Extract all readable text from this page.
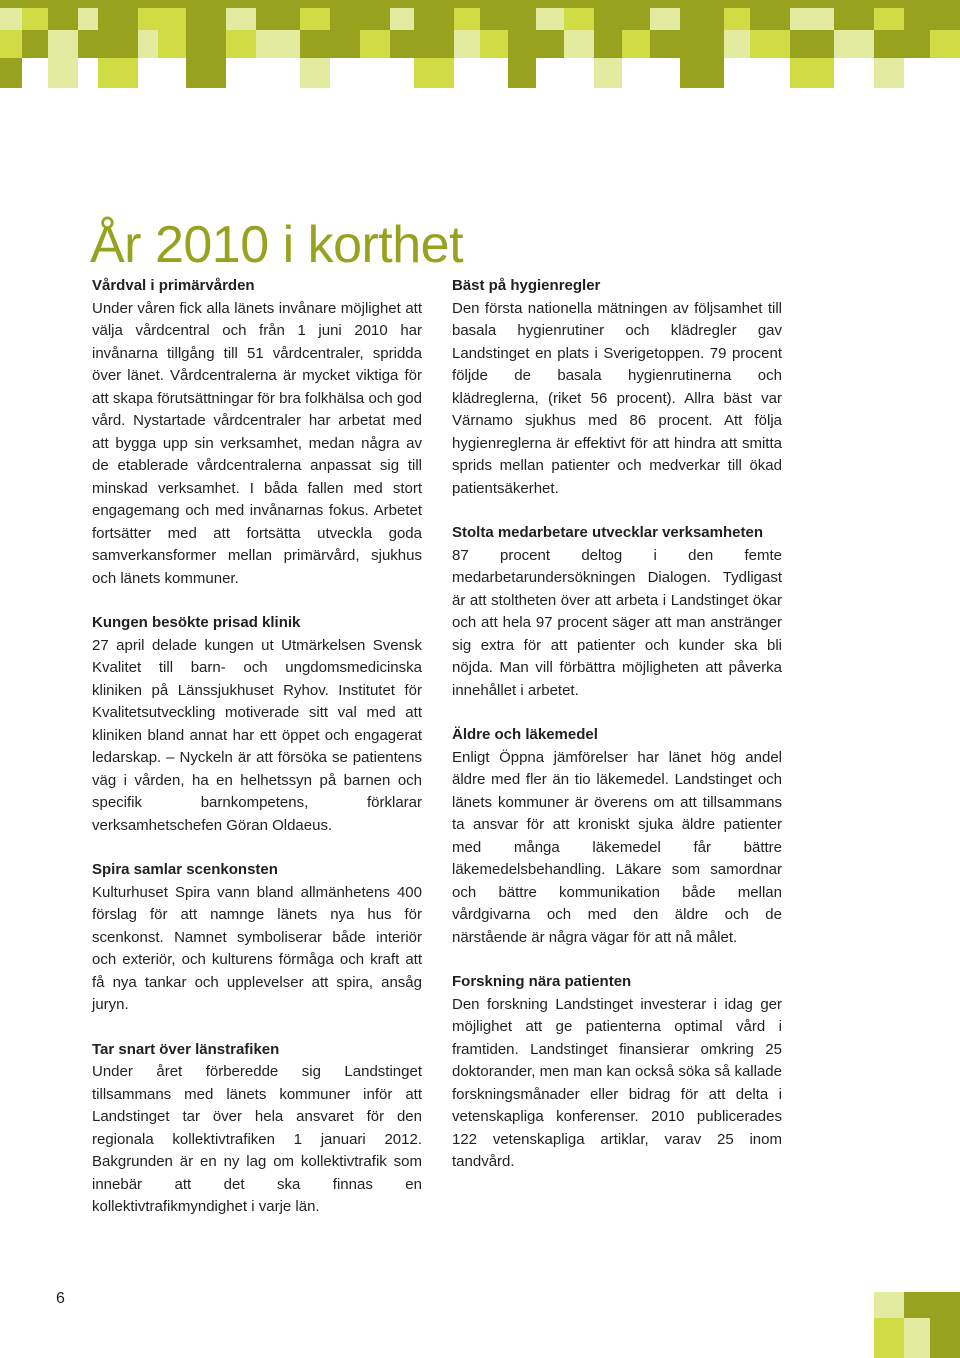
År 2010 i korthet
Vårdval i primärvården

Under våren fick alla länets invånare möjlighet att välja vårdcentral och från 1 juni 2010 har invånarna tillgång till 51 vårdcentraler, spridda över länet. Vårdcentralerna är mycket viktiga för att skapa förutsättningar för bra folkhälsa och god vård. Nystartade vårdcentraler har arbetat med att bygga upp sin verksamhet, medan några av de etablerade vårdcentralerna anpassat sig till minskad verksamhet. I båda fallen med stort engagemang och med invånarnas fokus. Arbetet fortsätter med att fortsätta utveckla goda samverkansformer mellan primärvård, sjukhus och länets kommuner.

Kungen besökte prisad klinik

27 april delade kungen ut Utmärkelsen Svensk Kvalitet till barn- och ungdomsmedicinska kliniken på Länssjukhuset Ryhov. Institutet för Kvalitetsutveckling motiverade sitt val med att kliniken bland annat har ett öppet och engagerat ledarskap. – Nyckeln är att försöka se patientens väg i vården, ha en helhetssyn på barnen och specifik barnkompetens, förklarar verksamhetschefen Göran Oldaeus.

Spira samlar scenkonsten

Kulturhuset Spira vann bland allmänhetens 400 förslag för att namnge länets nya hus för scenkonst. Namnet symboliserar både interiör och exteriör, och kulturens förmåga och kraft att få nya tankar och upplevelser att spira, ansåg juryn.

Tar snart över länstrafiken

Under året förberedde sig Landstinget tillsammans med länets kommuner inför att Landstinget tar över hela ansvaret för den regionala kollektivtrafiken 1 januari 2012. Bakgrunden är en ny lag om kollektivtrafik som innebär att det ska finnas en kollektivtrafikmyndighet i varje län.

Bäst på hygienregler

Den första nationella mätningen av följsamhet till basala hygienrutiner och klädregler gav Landstinget en plats i Sverigetoppen. 79 procent följde de basala hygienrutinerna och klädreglerna, (riket 56 procent). Allra bäst var Värnamo sjukhus med 86 procent. Att följa hygienreglerna är effektivt för att hindra att smitta sprids mellan patienter och medverkar till ökad patientsäkerhet.

Stolta medarbetare utvecklar verksamheten

87 procent deltog i den femte medarbetarundersökningen Dialogen. Tydligast är att stoltheten över att arbeta i Landstinget ökar och att hela 97 procent säger att man anstränger sig extra för att patienter och kunder ska bli nöjda. Man vill förbättra möjligheten att påverka innehållet i arbetet.

Äldre och läkemedel

Enligt Öppna jämförelser har länet hög andel äldre med fler än tio läkemedel. Landstinget och länets kommuner är överens om att tillsammans ta ansvar för att kroniskt sjuka äldre patienter med många läkemedel får bättre läkemedelsbehandling. Läkare som samordnar och bättre kommunikation både mellan vårdgivarna och med den äldre och de närstående är några vägar för att nå målet.

Forskning nära patienten

Den forskning Landstinget investerar i idag ger möjlighet att ge patienterna optimal vård i framtiden. Landstinget finansierar omkring 25 doktorander, men man kan också söka så kallade forskningsmånader eller bidrag för att delta i vetenskapliga konferenser. 2010 publicerades 122 vetenskapliga artiklar, varav 25 inom tandvård.

6
